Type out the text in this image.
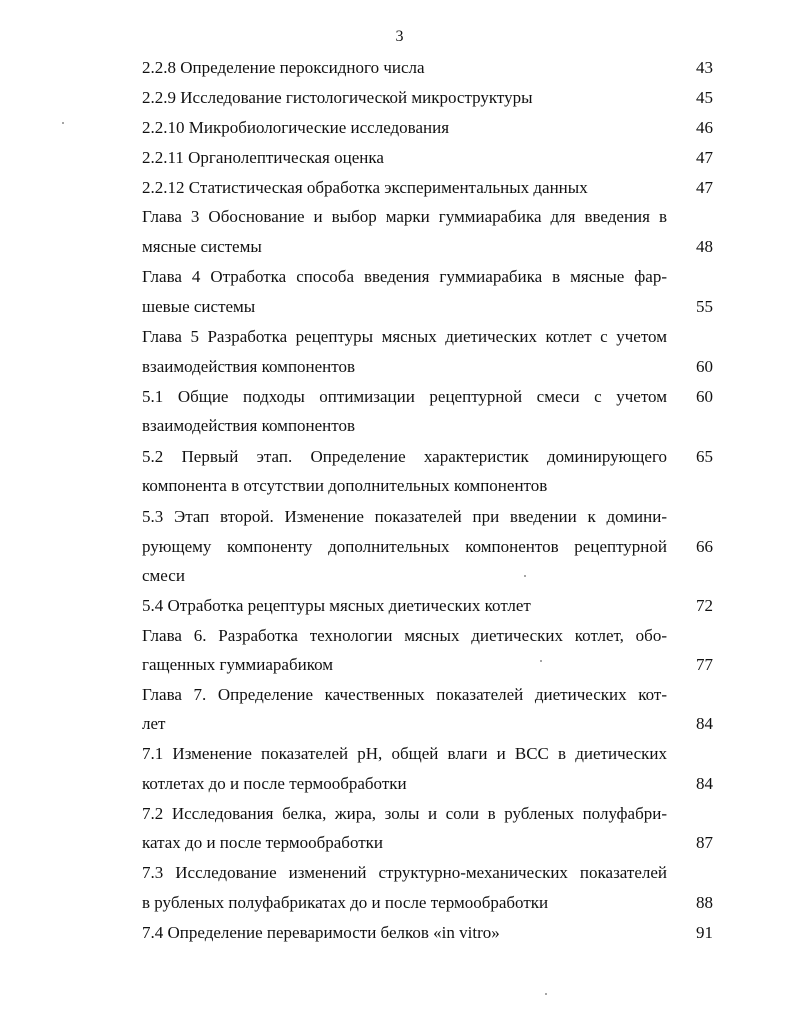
3
2.2.8 Определение пероксидного числа	43
2.2.9 Исследование гистологической микроструктуры	45
2.2.10 Микробиологические исследования	46
2.2.11 Органолептическая оценка	47
2.2.12 Статистическая обработка экспериментальных данных	47
Глава 3 Обоснование и выбор марки гуммиарабика для введения в
мясные системы	48
Глава 4 Отработка способа введения гуммиарабика в мясные фар-
шевые системы	55
Глава 5 Разработка рецептуры мясных диетических котлет с учетом
взаимодействия компонентов	60
5.1 Общие подходы оптимизации рецептурной смеси с учетом	60
взаимодействия компонентов
5.2 Первый этап. Определение характеристик доминирующего	65
компонента в отсутствии дополнительных компонентов
5.3 Этап второй. Изменение показателей при введении к домини-
рующему компоненту дополнительных компонентов рецептурной	66
смеси
5.4 Отработка рецептуры мясных диетических котлет	72
Глава 6. Разработка технологии мясных диетических котлет, обо-
гащенных гуммиарабиком	77
Глава 7. Определение качественных показателей диетических кот-
лет	84
7.1 Изменение показателей pH, общей влаги и ВСС в диетических
котлетах до и после термообработки	84
7.2 Исследования белка, жира, золы и соли в рубленых полуфабри-
катах до и после термообработки	87
7.3 Исследование изменений структурно-механических показателей
в рубленых полуфабрикатах до и после термообработки	88
7.4 Определение переваримости белков «in vitro»	91
